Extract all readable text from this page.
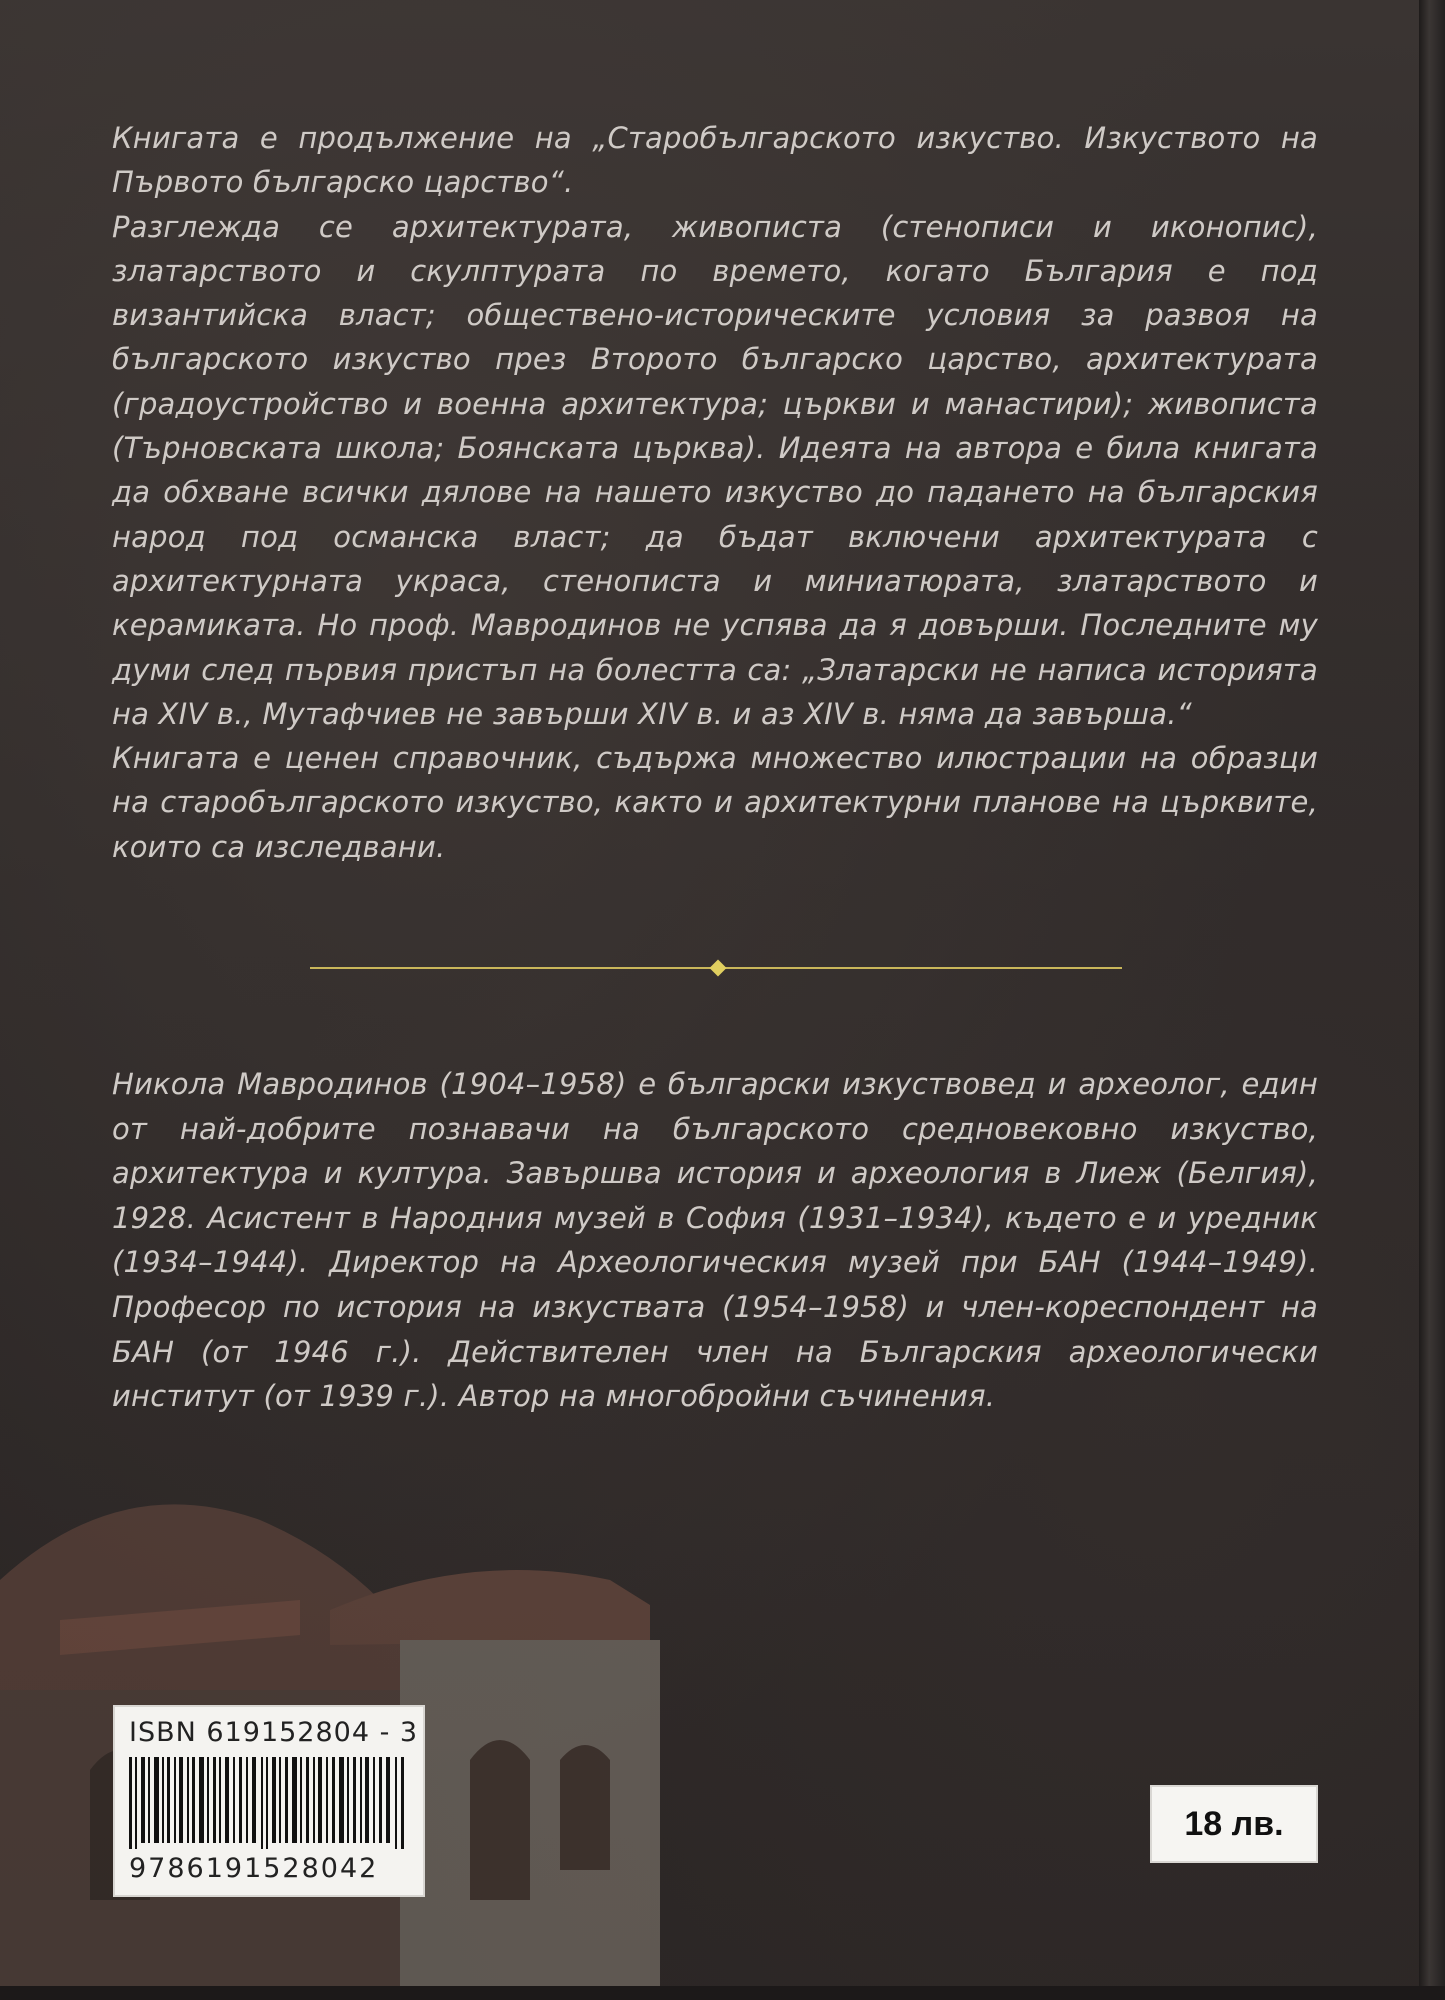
Книгата е продължение на „Старобългарското изкуство. Изкуството на Първото българско царство“.

Разглежда се архитектурата, живописта (стенописи и иконопис), златарството и скулптурата по времето, когато България е под византийска власт; обществено-историческите условия за развоя на българското изкуство през Второто българско царство, архитектурата (градоустройство и военна архитектура; църкви и манастири); живописта (Търновската школа; Боянската църква). Идеята на автора е била книгата да обхване всички дялове на нашето изкуство до падането на българския народ под османска власт; да бъдат включени архитектурата с архитектурната украса, стенописта и миниатюрата, златарството и керамиката. Но проф. Мавродинов не успява да я довърши. Последните му думи след първия пристъп на болестта са: „Златарски не написа историята на XIV в., Мутафчиев не завърши XIV в. и аз XIV в. няма да завърша.“

Книгата е ценен справочник, съдържа множество илюстрации на образци на старобългарското изкуство, както и архитектурни планове на църквите, които са изследвани.

Никола Мавродинов (1904–1958) е български изкуствовед и археолог, един от най-добрите познавачи на българското средновековно изкуство, архитектура и култура. Завършва история и археология в Лиеж (Белгия), 1928. Асистент в Народния музей в София (1931–1934), където е и уредник (1934–1944). Директор на Археологическия музей при БАН (1944–1949). Професор по история на изкуствата (1954–1958) и член-кореспондент на БАН (от 1946 г.). Действителен член на Българския археологически институт (от 1939 г.). Автор на многобройни съчинения.

ISBN 619152804 - 3
9786191528042
18 лв.
